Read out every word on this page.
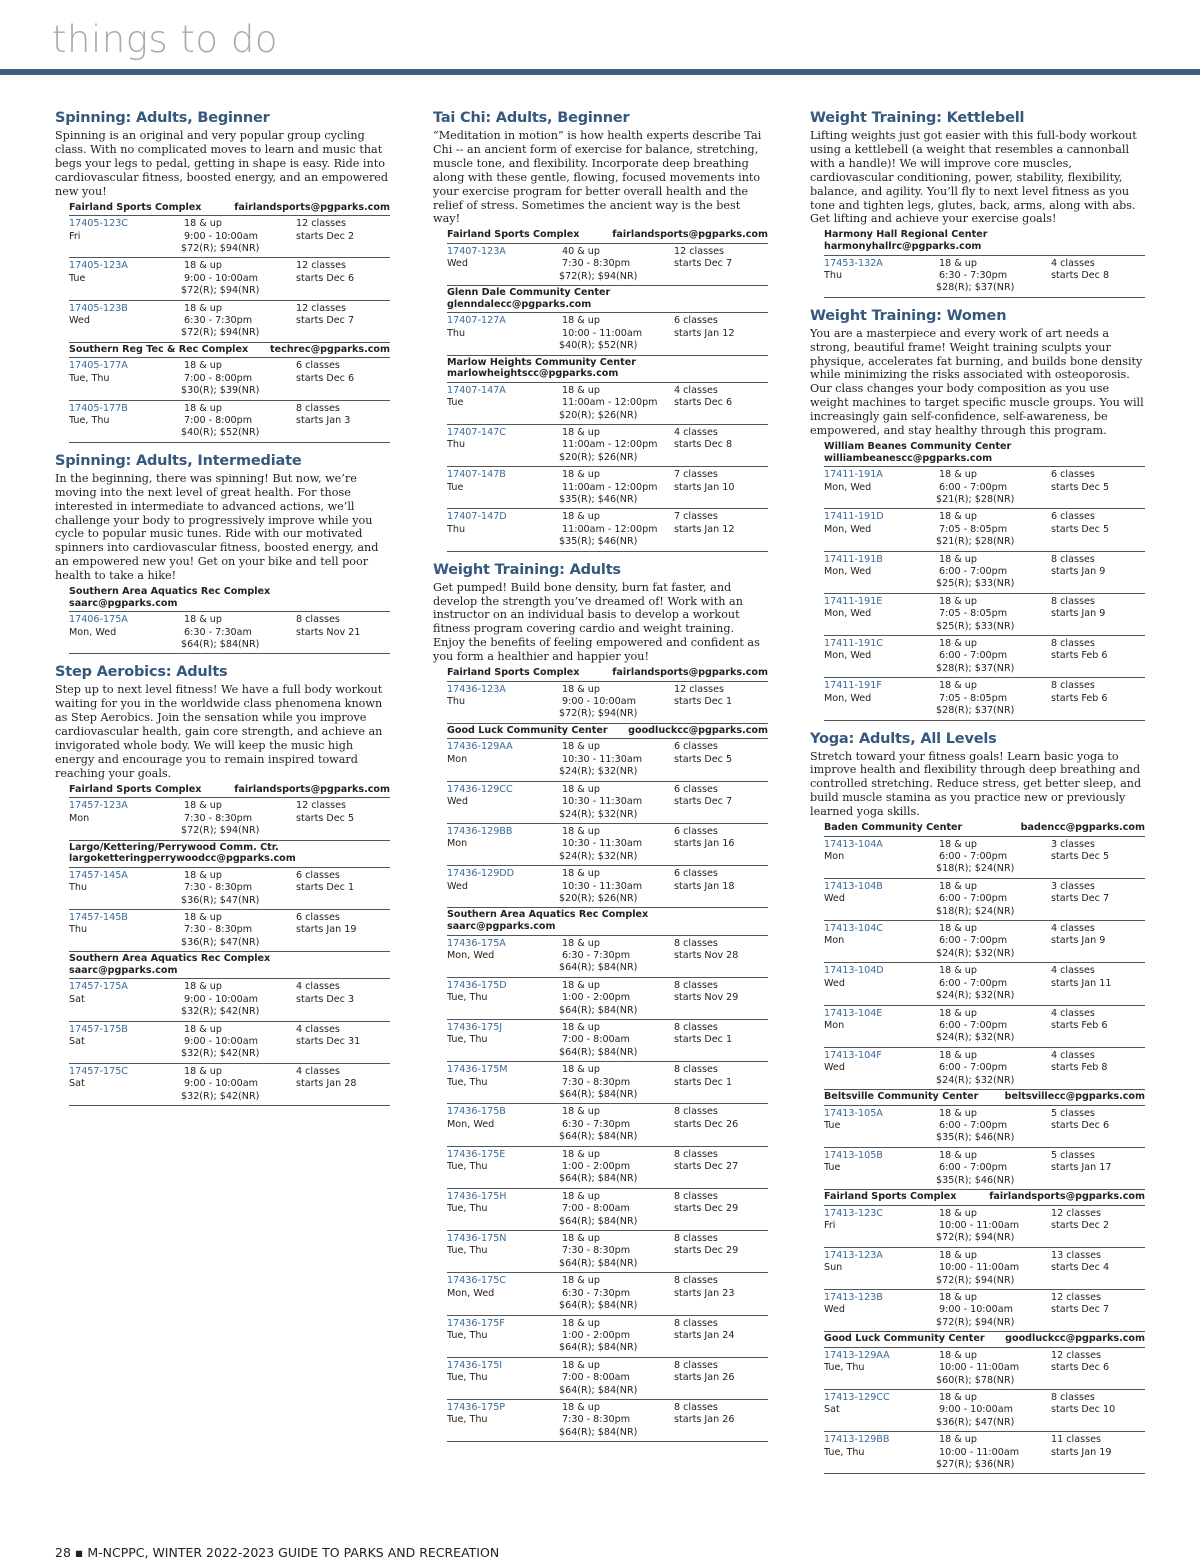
things to do
Spinning: Adults, Beginner
Spinning is an original and very popular group cycling class. With no complicated moves to learn and music that begs your legs to pedal, getting in shape is easy. Ride into cardiovascular fitness, boosted energy, and an empowered new you!
Fairland Sports Complex	fairlandsports@pgparks.com
17405-123C	18 & up	12 classes
Fri	9:00 - 10:00am	starts Dec 2
$72(R); $94(NR)
17405-123A	18 & up	12 classes
Tue	9:00 - 10:00am	starts Dec 6
$72(R); $94(NR)
17405-123B	18 & up	12 classes
Wed	6:30 - 7:30pm	starts Dec 7
$72(R); $94(NR)
Southern Reg Tec & Rec Complex techrec@pgparks.com
17405-177A	18 & up	6 classes
Tue, Thu	7:00 - 8:00pm	starts Dec 6
$30(R); $39(NR)
17405-177B	18 & up	8 classes
Tue, Thu	7:00 - 8:00pm	starts Jan 3
$40(R); $52(NR)
Spinning: Adults, Intermediate
In the beginning, there was spinning! But now, we’re moving into the next level of great health. For those interested in intermediate to advanced actions, we’ll challenge your body to progressively improve while you cycle to popular music tunes. Ride with our motivated spinners into cardiovascular fitness, boosted energy, and an empowered new you! Get on your bike and tell poor health to take a hike!
Southern Area Aquatics Rec Complex
saarc@pgparks.com
17406-175A	18 & up	8 classes
Mon, Wed	6:30 - 7:30am	starts Nov 21
$64(R); $84(NR)
Step Aerobics: Adults
Step up to next level fitness! We have a full body workout waiting for you in the worldwide class phenomena known as Step Aerobics. Join the sensation while you improve cardiovascular health, gain core strength, and achieve an invigorated whole body. We will keep the music high energy and encourage you to remain inspired toward reaching your goals.
Fairland Sports Complex	fairlandsports@pgparks.com
17457-123A	18 & up	12 classes
Mon	7:30 - 8:30pm	starts Dec 5
$72(R); $94(NR)
Largo/Kettering/Perrywood Comm. Ctr.
largoketteringperrywoodcc@pgparks.com
17457-145A	18 & up	6 classes
Thu	7:30 - 8:30pm	starts Dec 1
$36(R); $47(NR)
17457-145B	18 & up	6 classes
Thu	7:30 - 8:30pm	starts Jan 19
$36(R); $47(NR)
Southern Area Aquatics Rec Complex
saarc@pgparks.com
17457-175A	18 & up	4 classes
Sat	9:00 - 10:00am	starts Dec 3
$32(R); $42(NR)
17457-175B	18 & up	4 classes
Sat	9:00 - 10:00am	starts Dec 31
$32(R); $42(NR)
17457-175C	18 & up	4 classes
Sat	9:00 - 10:00am	starts Jan 28
$32(R); $42(NR)
Tai Chi: Adults, Beginner
“Meditation in motion” is how health experts describe Tai Chi -- an ancient form of exercise for balance, stretching, muscle tone, and flexibility. Incorporate deep breathing along with these gentle, flowing, focused movements into your exercise program for better overall health and the relief of stress. Sometimes the ancient way is the best way!
Fairland Sports Complex	fairlandsports@pgparks.com
17407-123A	40 & up	12 classes
Wed	7:30 - 8:30pm	starts Dec 7
$72(R); $94(NR)
Glenn Dale Community Center
glenndalecc@pgparks.com
17407-127A	18 & up	6 classes
Thu	10:00 - 11:00am	starts Jan 12
$40(R); $52(NR)
Marlow Heights Community Center
marlowheightscc@pgparks.com
17407-147A	18 & up	4 classes
Tue	11:00am - 12:00pm	starts Dec 6
$20(R); $26(NR)
17407-147C	18 & up	4 classes
Thu	11:00am - 12:00pm	starts Dec 8
$20(R); $26(NR)
17407-147B	18 & up	7 classes
Tue	11:00am - 12:00pm	starts Jan 10
$35(R); $46(NR)
17407-147D	18 & up	7 classes
Thu	11:00am - 12:00pm	starts Jan 12
$35(R); $46(NR)
Weight Training: Adults
Get pumped! Build bone density, burn fat faster, and develop the strength you’ve dreamed of! Work with an instructor on an individual basis to develop a workout fitness program covering cardio and weight training. Enjoy the benefits of feeling empowered and confident as you form a healthier and happier you!
Fairland Sports Complex	fairlandsports@pgparks.com
17436-123A	18 & up	12 classes
Thu	9:00 - 10:00am	starts Dec 1
$72(R); $94(NR)
Good Luck Community Center goodluckcc@pgparks.com
17436-129AA	18 & up	6 classes
Mon	10:30 - 11:30am	starts Dec 5
$24(R); $32(NR)
17436-129CC	18 & up	6 classes
Wed	10:30 - 11:30am	starts Dec 7
$24(R); $32(NR)
17436-129BB	18 & up	6 classes
Mon	10:30 - 11:30am	starts Jan 16
$24(R); $32(NR)
17436-129DD	18 & up	6 classes
Wed	10:30 - 11:30am	starts Jan 18
$20(R); $26(NR)
Southern Area Aquatics Rec Complex
saarc@pgparks.com
17436-175A	18 & up	8 classes
Mon, Wed	6:30 - 7:30pm	starts Nov 28
$64(R); $84(NR)
17436-175D	18 & up	8 classes
Tue, Thu	1:00 - 2:00pm	starts Nov 29
$64(R); $84(NR)
17436-175J	18 & up	8 classes
Tue, Thu	7:00 - 8:00am	starts Dec 1
$64(R); $84(NR)
17436-175M	18 & up	8 classes
Tue, Thu	7:30 - 8:30pm	starts Dec 1
$64(R); $84(NR)
17436-175B	18 & up	8 classes
Mon, Wed	6:30 - 7:30pm	starts Dec 26
$64(R); $84(NR)
17436-175E	18 & up	8 classes
Tue, Thu	1:00 - 2:00pm	starts Dec 27
$64(R); $84(NR)
17436-175H	18 & up	8 classes
Tue, Thu	7:00 - 8:00am	starts Dec 29
$64(R); $84(NR)
17436-175N	18 & up	8 classes
Tue, Thu	7:30 - 8:30pm	starts Dec 29
$64(R); $84(NR)
17436-175C	18 & up	8 classes
Mon, Wed	6:30 - 7:30pm	starts Jan 23
$64(R); $84(NR)
17436-175F	18 & up	8 classes
Tue, Thu	1:00 - 2:00pm	starts Jan 24
$64(R); $84(NR)
17436-175I	18 & up	8 classes
Tue, Thu	7:00 - 8:00am	starts Jan 26
$64(R); $84(NR)
17436-175P	18 & up	8 classes
Tue, Thu	7:30 - 8:30pm	starts Jan 26
$64(R); $84(NR)
Weight Training: Kettlebell
Lifting weights just got easier with this full-body workout using a kettlebell (a weight that resembles a cannonball with a handle)! We will improve core muscles, cardiovascular conditioning, power, stability, flexibility, balance, and agility. You’ll fly to next level fitness as you tone and tighten legs, glutes, back, arms, along with abs. Get lifting and achieve your exercise goals!
Harmony Hall Regional Center
harmonyhallrc@pgparks.com
17453-132A	18 & up	4 classes
Thu	6:30 - 7:30pm	starts Dec 8
$28(R); $37(NR)
Weight Training: Women
You are a masterpiece and every work of art needs a strong, beautiful frame! Weight training sculpts your physique, accelerates fat burning, and builds bone density while minimizing the risks associated with osteoporosis. Our class changes your body composition as you use weight machines to target specific muscle groups. You will increasingly gain self-confidence, self-awareness, be empowered, and stay healthy through this program.
William Beanes Community Center
williambeanescc@pgparks.com
17411-191A	18 & up	6 classes
Mon, Wed	6:00 - 7:00pm	starts Dec 5
$21(R); $28(NR)
17411-191D	18 & up	6 classes
Mon, Wed	7:05 - 8:05pm	starts Dec 5
$21(R); $28(NR)
17411-191B	18 & up	8 classes
Mon, Wed	6:00 - 7:00pm	starts Jan 9
$25(R); $33(NR)
17411-191E	18 & up	8 classes
Mon, Wed	7:05 - 8:05pm	starts Jan 9
$25(R); $33(NR)
17411-191C	18 & up	8 classes
Mon, Wed	6:00 - 7:00pm	starts Feb 6
$28(R); $37(NR)
17411-191F	18 & up	8 classes
Mon, Wed	7:05 - 8:05pm	starts Feb 6
$28(R); $37(NR)
Yoga: Adults, All Levels
Stretch toward your fitness goals! Learn basic yoga to improve health and flexibility through deep breathing and controlled stretching. Reduce stress, get better sleep, and build muscle stamina as you practice new or previously learned yoga skills.
Baden Community Center	badencc@pgparks.com
17413-104A	18 & up	3 classes
Mon	6:00 - 7:00pm	starts Dec 5
$18(R); $24(NR)
17413-104B	18 & up	3 classes
Wed	6:00 - 7:00pm	starts Dec 7
$18(R); $24(NR)
17413-104C	18 & up	4 classes
Mon	6:00 - 7:00pm	starts Jan 9
$24(R); $32(NR)
17413-104D	18 & up	4 classes
Wed	6:00 - 7:00pm	starts Jan 11
$24(R); $32(NR)
17413-104E	18 & up	4 classes
Mon	6:00 - 7:00pm	starts Feb 6
$24(R); $32(NR)
17413-104F	18 & up	4 classes
Wed	6:00 - 7:00pm	starts Feb 8
$24(R); $32(NR)
Beltsville Community Center	beltsvillecc@pgparks.com
17413-105A	18 & up	5 classes
Tue	6:00 - 7:00pm	starts Dec 6
$35(R); $46(NR)
17413-105B	18 & up	5 classes
Tue	6:00 - 7:00pm	starts Jan 17
$35(R); $46(NR)
Fairland Sports Complex	fairlandsports@pgparks.com
17413-123C	18 & up	12 classes
Fri	10:00 - 11:00am	starts Dec 2
$72(R); $94(NR)
17413-123A	18 & up	13 classes
Sun	10:00 - 11:00am	starts Dec 4
$72(R); $94(NR)
17413-123B	18 & up	12 classes
Wed	9:00 - 10:00am	starts Dec 7
$72(R); $94(NR)
Good Luck Community Center goodluckcc@pgparks.com
17413-129AA	18 & up	12 classes
Tue, Thu	10:00 - 11:00am	starts Dec 6
$60(R); $78(NR)
17413-129CC	18 & up	8 classes
Sat	9:00 - 10:00am	starts Dec 10
$36(R); $47(NR)
17413-129BB	18 & up	11 classes
Tue, Thu	10:00 - 11:00am	starts Jan 19
$27(R); $36(NR)
28 ▪ M-NCPPC, WINTER 2022-2023 GUIDE TO PARKS AND RECREATION
